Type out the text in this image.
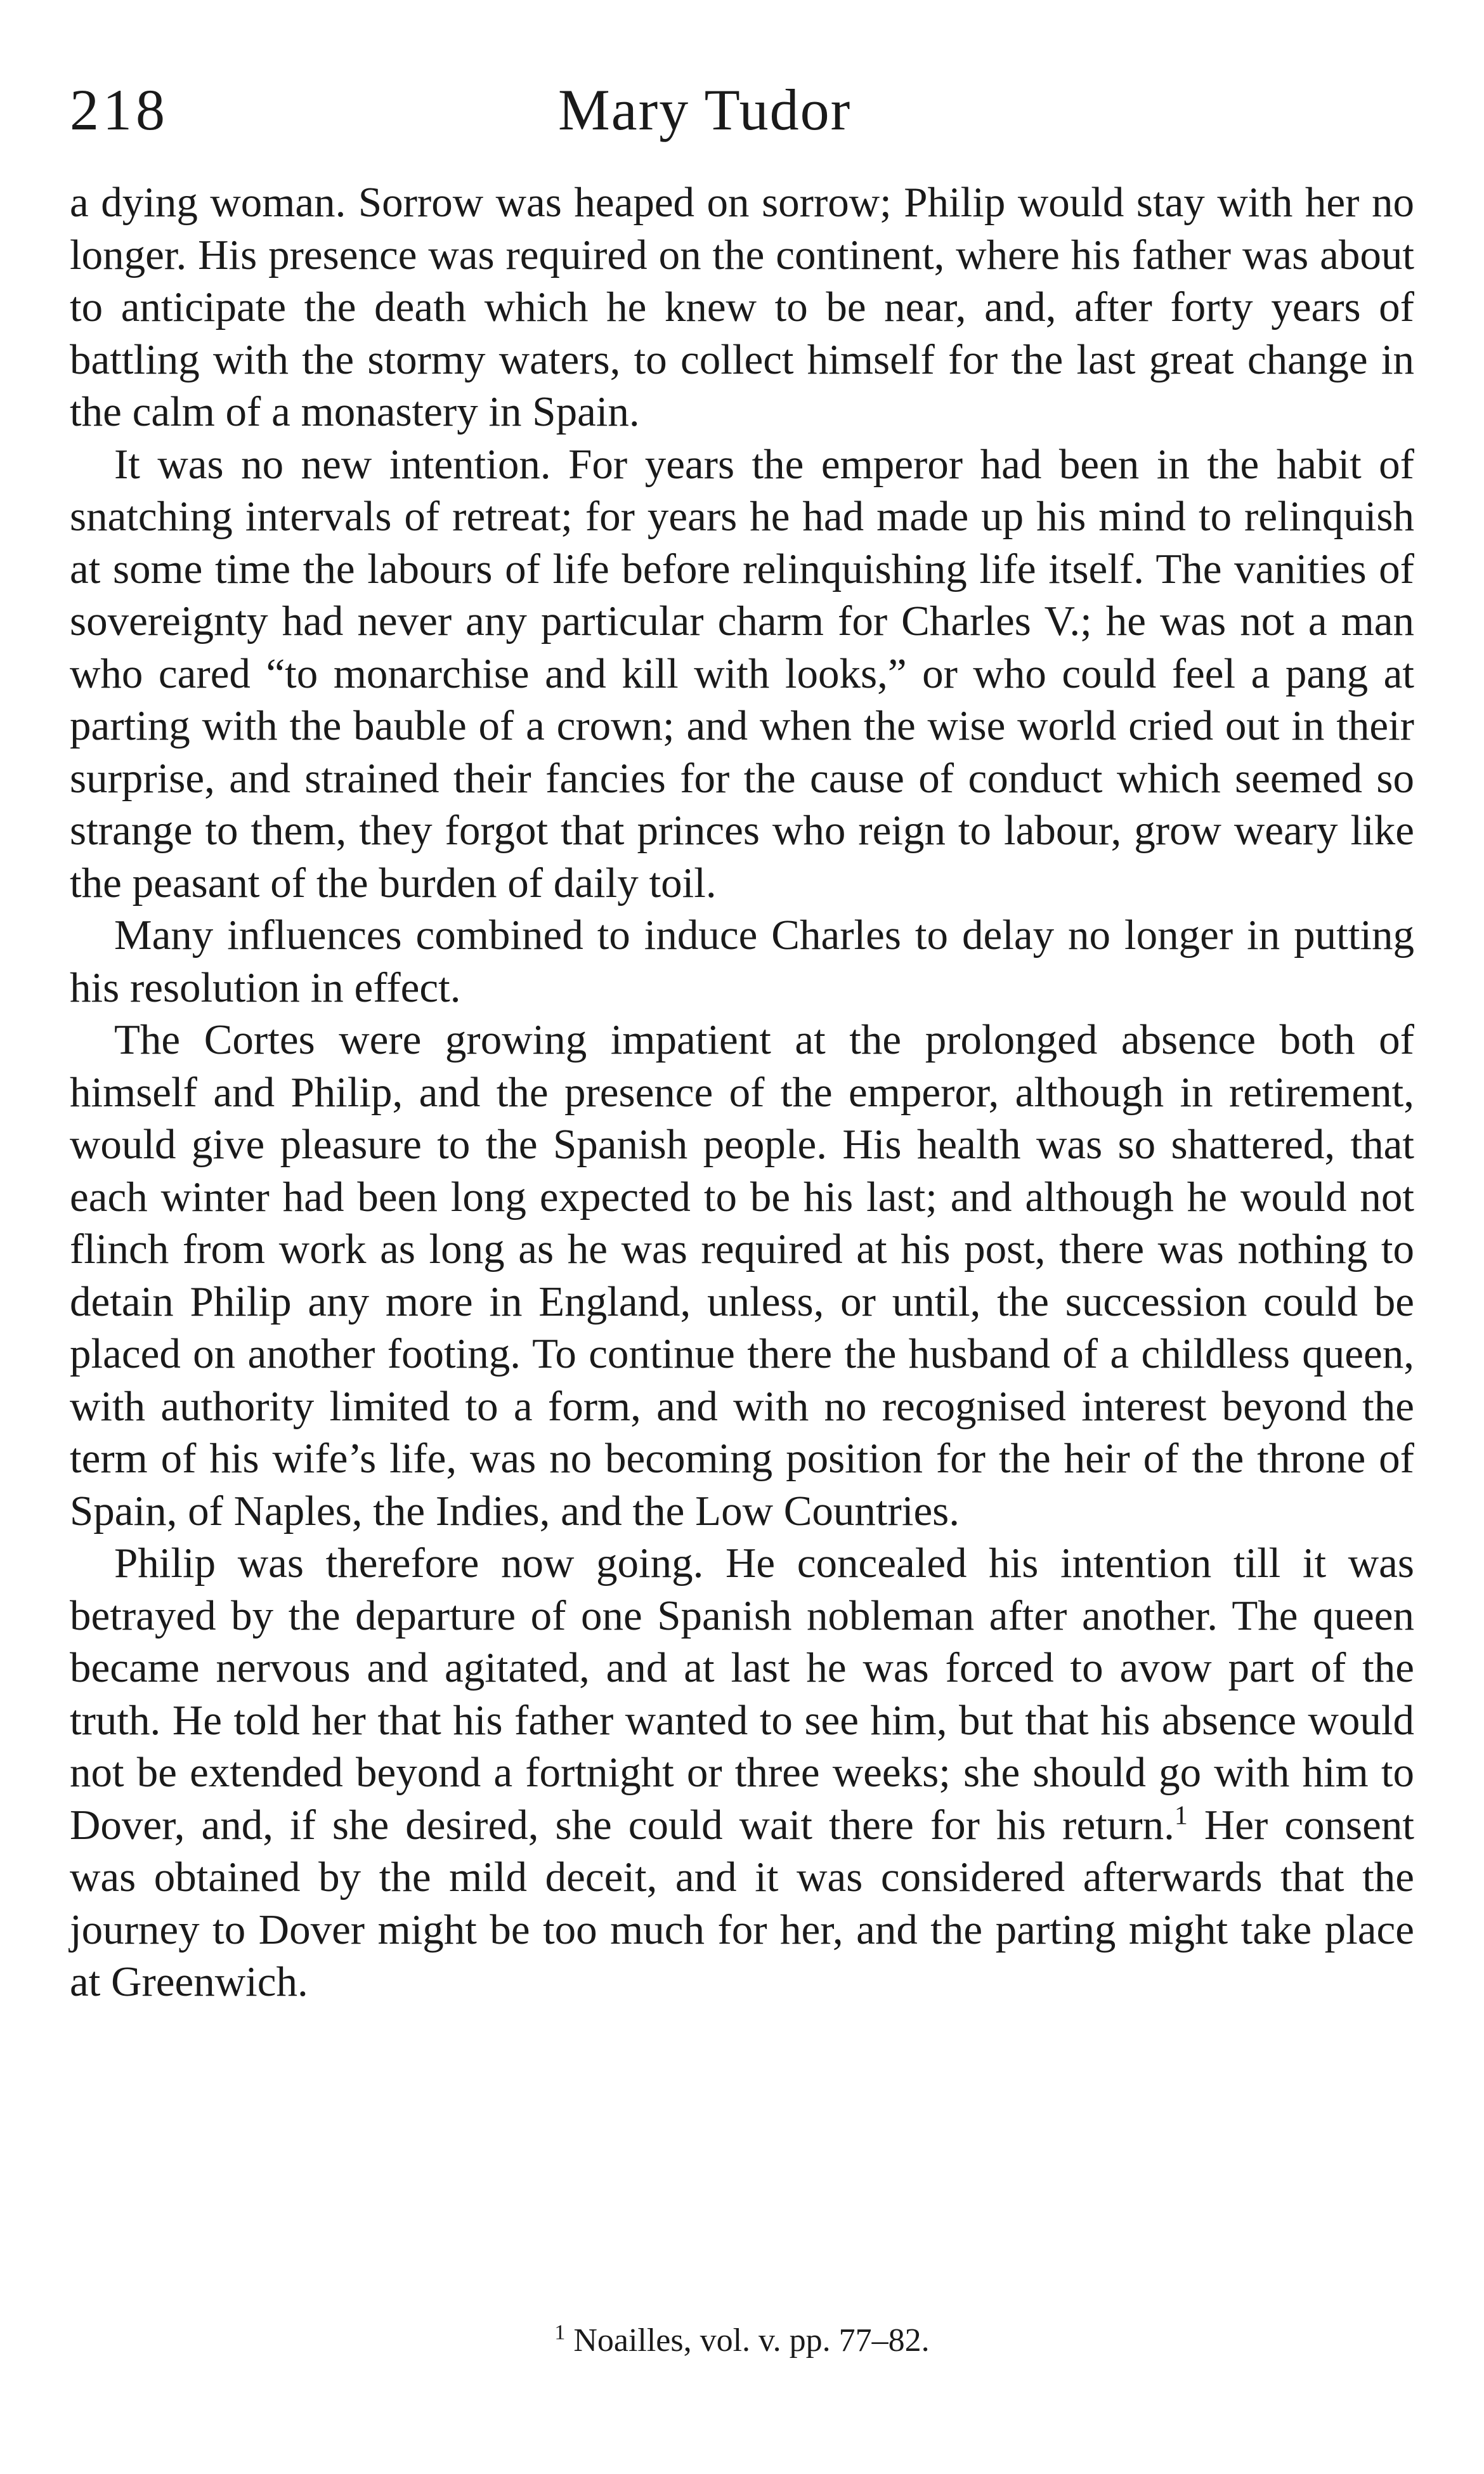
218	Mary Tudor

a dying woman. Sorrow was heaped on sorrow; Philip would stay with her no longer. His presence was required on the continent, where his father was about to anticipate the death which he knew to be near, and, after forty years of battling with the stormy waters, to collect himself for the last great change in the calm of a monastery in Spain.

It was no new intention. For years the emperor had been in the habit of snatching intervals of retreat; for years he had made up his mind to relinquish at some time the labours of life before relinquishing life itself. The vanities of sovereignty had never any particular charm for Charles V.; he was not a man who cared “to monarchise and kill with looks,” or who could feel a pang at parting with the bauble of a crown; and when the wise world cried out in their surprise, and strained their fancies for the cause of conduct which seemed so strange to them, they forgot that princes who reign to labour, grow weary like the peasant of the burden of daily toil.

Many influences combined to induce Charles to delay no longer in putting his resolution in effect.

The Cortes were growing impatient at the prolonged absence both of himself and Philip, and the presence of the emperor, although in retirement, would give pleasure to the Spanish people. His health was so shattered, that each winter had been long expected to be his last; and although he would not flinch from work as long as he was required at his post, there was nothing to detain Philip any more in England, unless, or until, the succession could be placed on another footing. To continue there the husband of a childless queen, with authority limited to a form, and with no recognised interest beyond the term of his wife’s life, was no becoming position for the heir of the throne of Spain, of Naples, the Indies, and the Low Countries.

Philip was therefore now going. He concealed his intention till it was betrayed by the departure of one Spanish nobleman after another. The queen became nervous and agitated, and at last he was forced to avow part of the truth. He told her that his father wanted to see him, but that his absence would not be extended beyond a fortnight or three weeks; she should go with him to Dover, and, if she desired, she could wait there for his return.$^1$ Her consent was obtained by the mild deceit, and it was considered afterwards that the journey to Dover might be too much for her, and the parting might take place at Greenwich.

$^1$ Noailles, vol. v. pp. 77–82.
